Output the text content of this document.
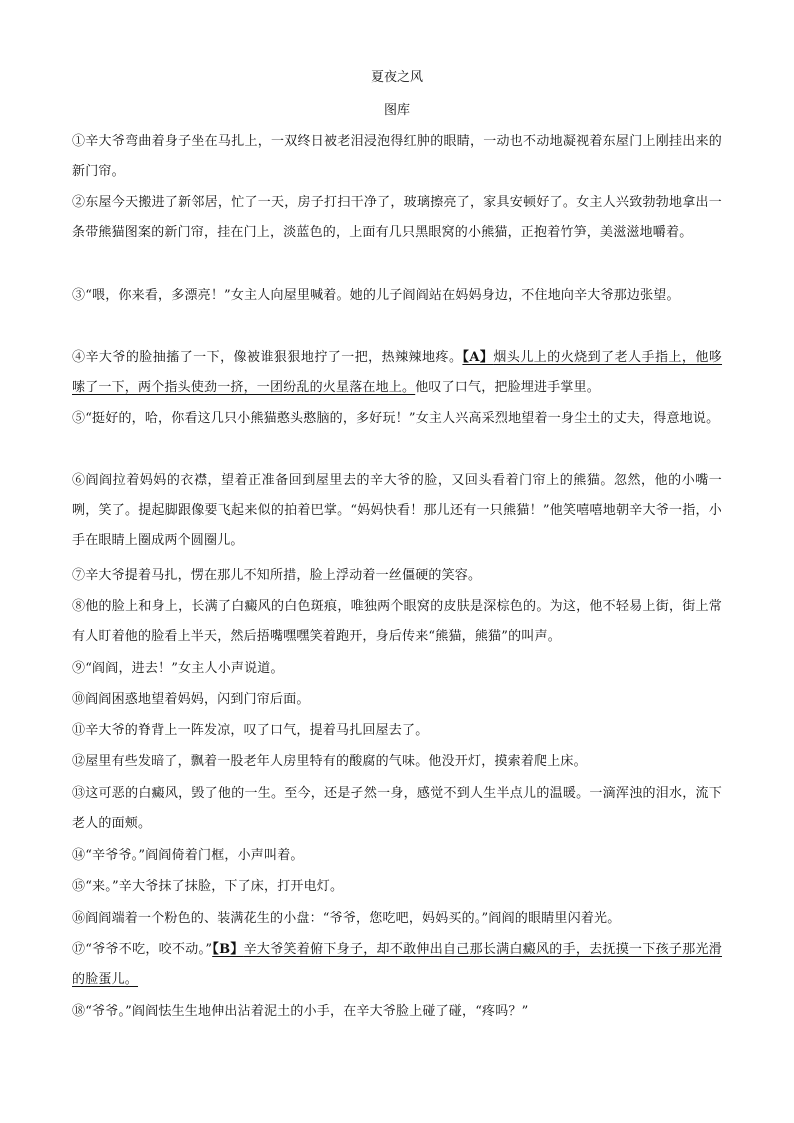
夏夜之风
图库
①辛大爷弯曲着身子坐在马扎上，一双终日被老泪浸泡得红肿的眼睛，一动也不动地凝视着东屋门上刚挂出来的新门帘。
②东屋今天搬进了新邻居，忙了一天，房子打扫干净了，玻璃擦亮了，家具安顿好了。女主人兴致勃勃地拿出一条带熊猫图案的新门帘，挂在门上，淡蓝色的，上面有几只黑眼窝的小熊猫，正抱着竹笋，美滋滋地嚼着。
③“喂，你来看，多漂亮！”女主人向屋里喊着。她的儿子阎阎站在妈妈身边，不住地向辛大爷那边张望。
④辛大爷的脸抽搐了一下，像被谁狠狠地拧了一把，热辣辣地疼。【A】烟头儿上的火烧到了老人手指上，他哆嗦了一下，两个指头使劲一挤，一团纷乱的火星落在地上。他叹了口气，把脸埋进手掌里。
⑤“挺好的，哈，你看这几只小熊猫憨头憨脑的，多好玩！”女主人兴高采烈地望着一身尘土的丈夫，得意地说。
⑥阎阎拉着妈妈的衣襟，望着正准备回到屋里去的辛大爷的脸，又回头看着门帘上的熊猫。忽然，他的小嘴一咧，笑了。提起脚跟像要飞起来似的拍着巴掌。“妈妈快看！那儿还有一只熊猫！”他笑嘻嘻地朝辛大爷一指，小手在眼睛上圈成两个圆圈儿。
⑦辛大爷提着马扎，愣在那儿不知所措，脸上浮动着一丝僵硬的笑容。
⑧他的脸上和身上，长满了白癜风的白色斑痕，唯独两个眼窝的皮肤是深棕色的。为这，他不轻易上街，街上常有人盯着他的脸看上半天，然后捂嘴嘿嘿笑着跑开，身后传来“熊猫，熊猫”的叫声。
⑨“阎阎，进去！”女主人小声说道。
⑩阎阎困惑地望着妈妈，闪到门帘后面。
⑪辛大爷的脊背上一阵发凉，叹了口气，提着马扎回屋去了。
⑫屋里有些发暗了，飘着一股老年人房里特有的酸腐的气味。他没开灯，摸索着爬上床。
⑬这可恶的白癜风，毁了他的一生。至今，还是孑然一身，感觉不到人生半点儿的温暖。一滴浑浊的泪水，流下老人的面颊。
⑭“辛爷爷。”阎阎倚着门框，小声叫着。
⑮“来。”辛大爷抹了抹脸，下了床，打开电灯。
⑯阎阎端着一个粉色的、装满花生的小盘：“爷爷，您吃吧，妈妈买的。”阎阎的眼睛里闪着光。
⑰“爷爷不吃，咬不动。”【B】辛大爷笑着俯下身子，却不敢伸出自己那长满白癜风的手，去抚摸一下孩子那光滑的脸蛋儿。
⑱“爷爷。”阎阎怯生生地伸出沾着泥土的小手，在辛大爷脸上碰了碰，“疼吗？”
